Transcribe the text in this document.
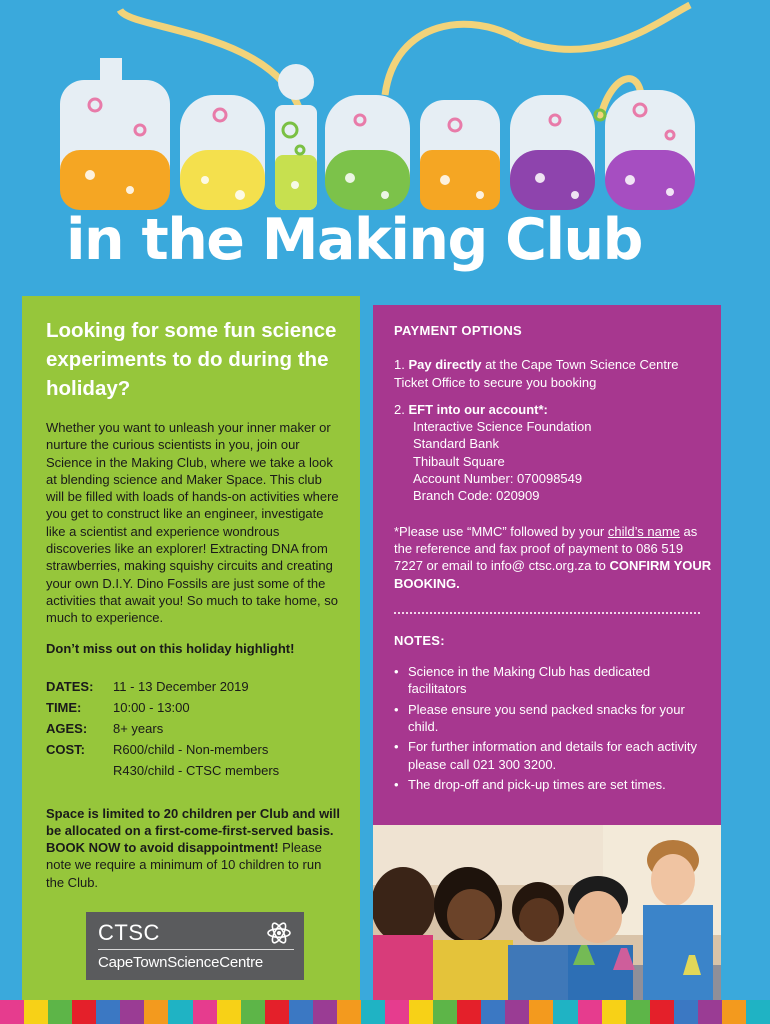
in the Making Club
Looking for some fun science experiments to do during the holiday?
Whether you want to unleash your inner maker or nurture the curious scientists in you, join our Science in the Making Club, where we take a look at blending science and Maker Space. This club will be filled with loads of hands-on activities where you get to construct like an engineer, investigate like a scientist and experience wondrous discoveries like an explorer! Extracting DNA from strawberries, making squishy circuits and creating your own D.I.Y. Dino Fossils are just some of the activities that await you! So much to take home, so much to experience.
Don’t miss out on this holiday highlight!
DATES:	11 - 13 December 2019
TIME:	10:00 - 13:00
AGES:	8+ years
COST:	R600/child - Non-members
R430/child - CTSC members
Space is limited to 20 children per Club and will be allocated on a first-come-first-served basis. BOOK NOW to avoid disappointment! Please note we require a minimum of 10 children to run the Club.
CTSC
CapeTownScienceCentre
PAYMENT OPTIONS
1. Pay directly at the Cape Town Science Centre Ticket Office to secure you booking
2. EFT into our account*:
Interactive Science Foundation
Standard Bank
Thibault Square
Account Number: 070098549
Branch Code: 020909
*Please use “MMC” followed by your child’s name as the reference and fax proof of payment to 086 519 7227 or email to info@ ctsc.org.za to CONFIRM YOUR BOOKING.
NOTES:
• Science in the Making Club has dedicated facilitators
• Please ensure you send packed snacks for your child.
• For further information and details for each activity please call 021 300 3200.
• The drop-off and pick-up times are set times.
